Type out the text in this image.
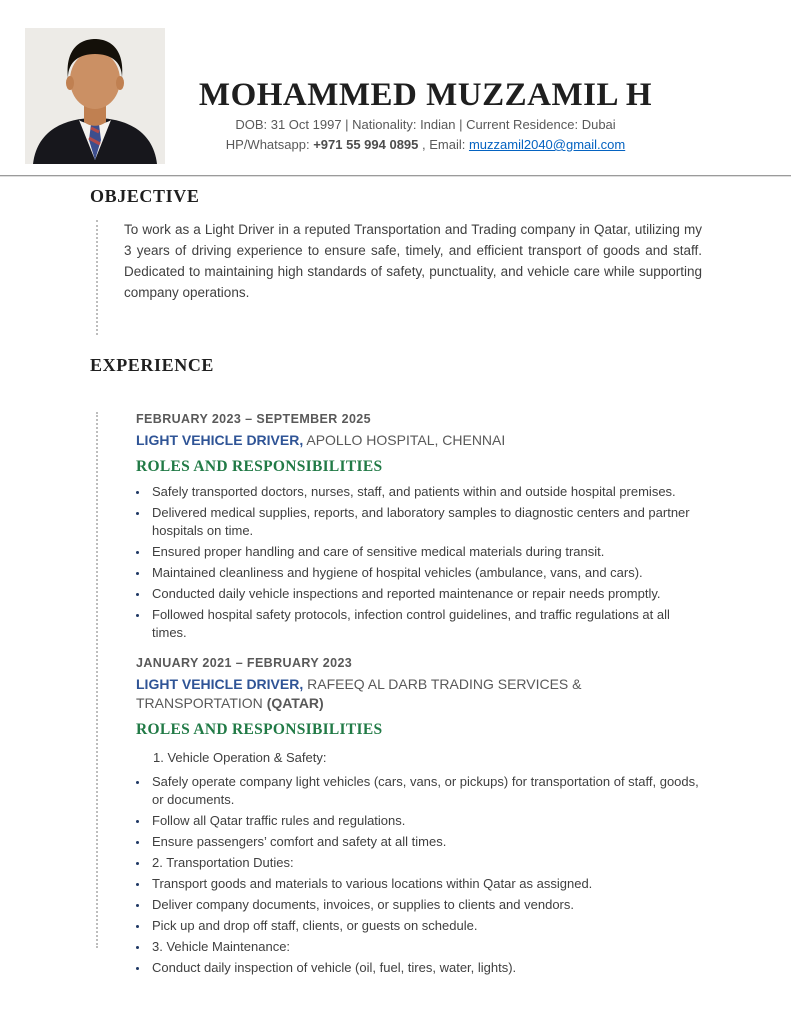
MOHAMMED MUZZAMIL H
DOB: 31 Oct 1997 | Nationality: Indian | Current Residence: Dubai
HP/Whatsapp: +971 55 994 0895 , Email: muzzamil2040@gmail.com
OBJECTIVE
To work as a Light Driver in a reputed Transportation and Trading company in Qatar, utilizing my 3 years of driving experience to ensure safe, timely, and efficient transport of goods and staff. Dedicated to maintaining high standards of safety, punctuality, and vehicle care while supporting company operations.
EXPERIENCE
FEBRUARY 2023 – SEPTEMBER 2025
LIGHT VEHICLE DRIVER, APOLLO HOSPITAL, CHENNAI
ROLES AND RESPONSIBILITIES
• Safely transported doctors, nurses, staff, and patients within and outside hospital premises.
• Delivered medical supplies, reports, and laboratory samples to diagnostic centers and partner hospitals on time.
• Ensured proper handling and care of sensitive medical materials during transit.
• Maintained cleanliness and hygiene of hospital vehicles (ambulance, vans, and cars).
• Conducted daily vehicle inspections and reported maintenance or repair needs promptly.
• Followed hospital safety protocols, infection control guidelines, and traffic regulations at all times.
JANUARY 2021 – FEBRUARY 2023
LIGHT VEHICLE DRIVER, RAFEEQ AL DARB TRADING SERVICES & TRANSPORTATION (QATAR)
ROLES AND RESPONSIBILITIES
1. Vehicle Operation & Safety:
• Safely operate company light vehicles (cars, vans, or pickups) for transportation of staff, goods, or documents.
• Follow all Qatar traffic rules and regulations.
• Ensure passengers’ comfort and safety at all times.
• 2. Transportation Duties:
• Transport goods and materials to various locations within Qatar as assigned.
• Deliver company documents, invoices, or supplies to clients and vendors.
• Pick up and drop off staff, clients, or guests on schedule.
• 3. Vehicle Maintenance:
• Conduct daily inspection of vehicle (oil, fuel, tires, water, lights).
